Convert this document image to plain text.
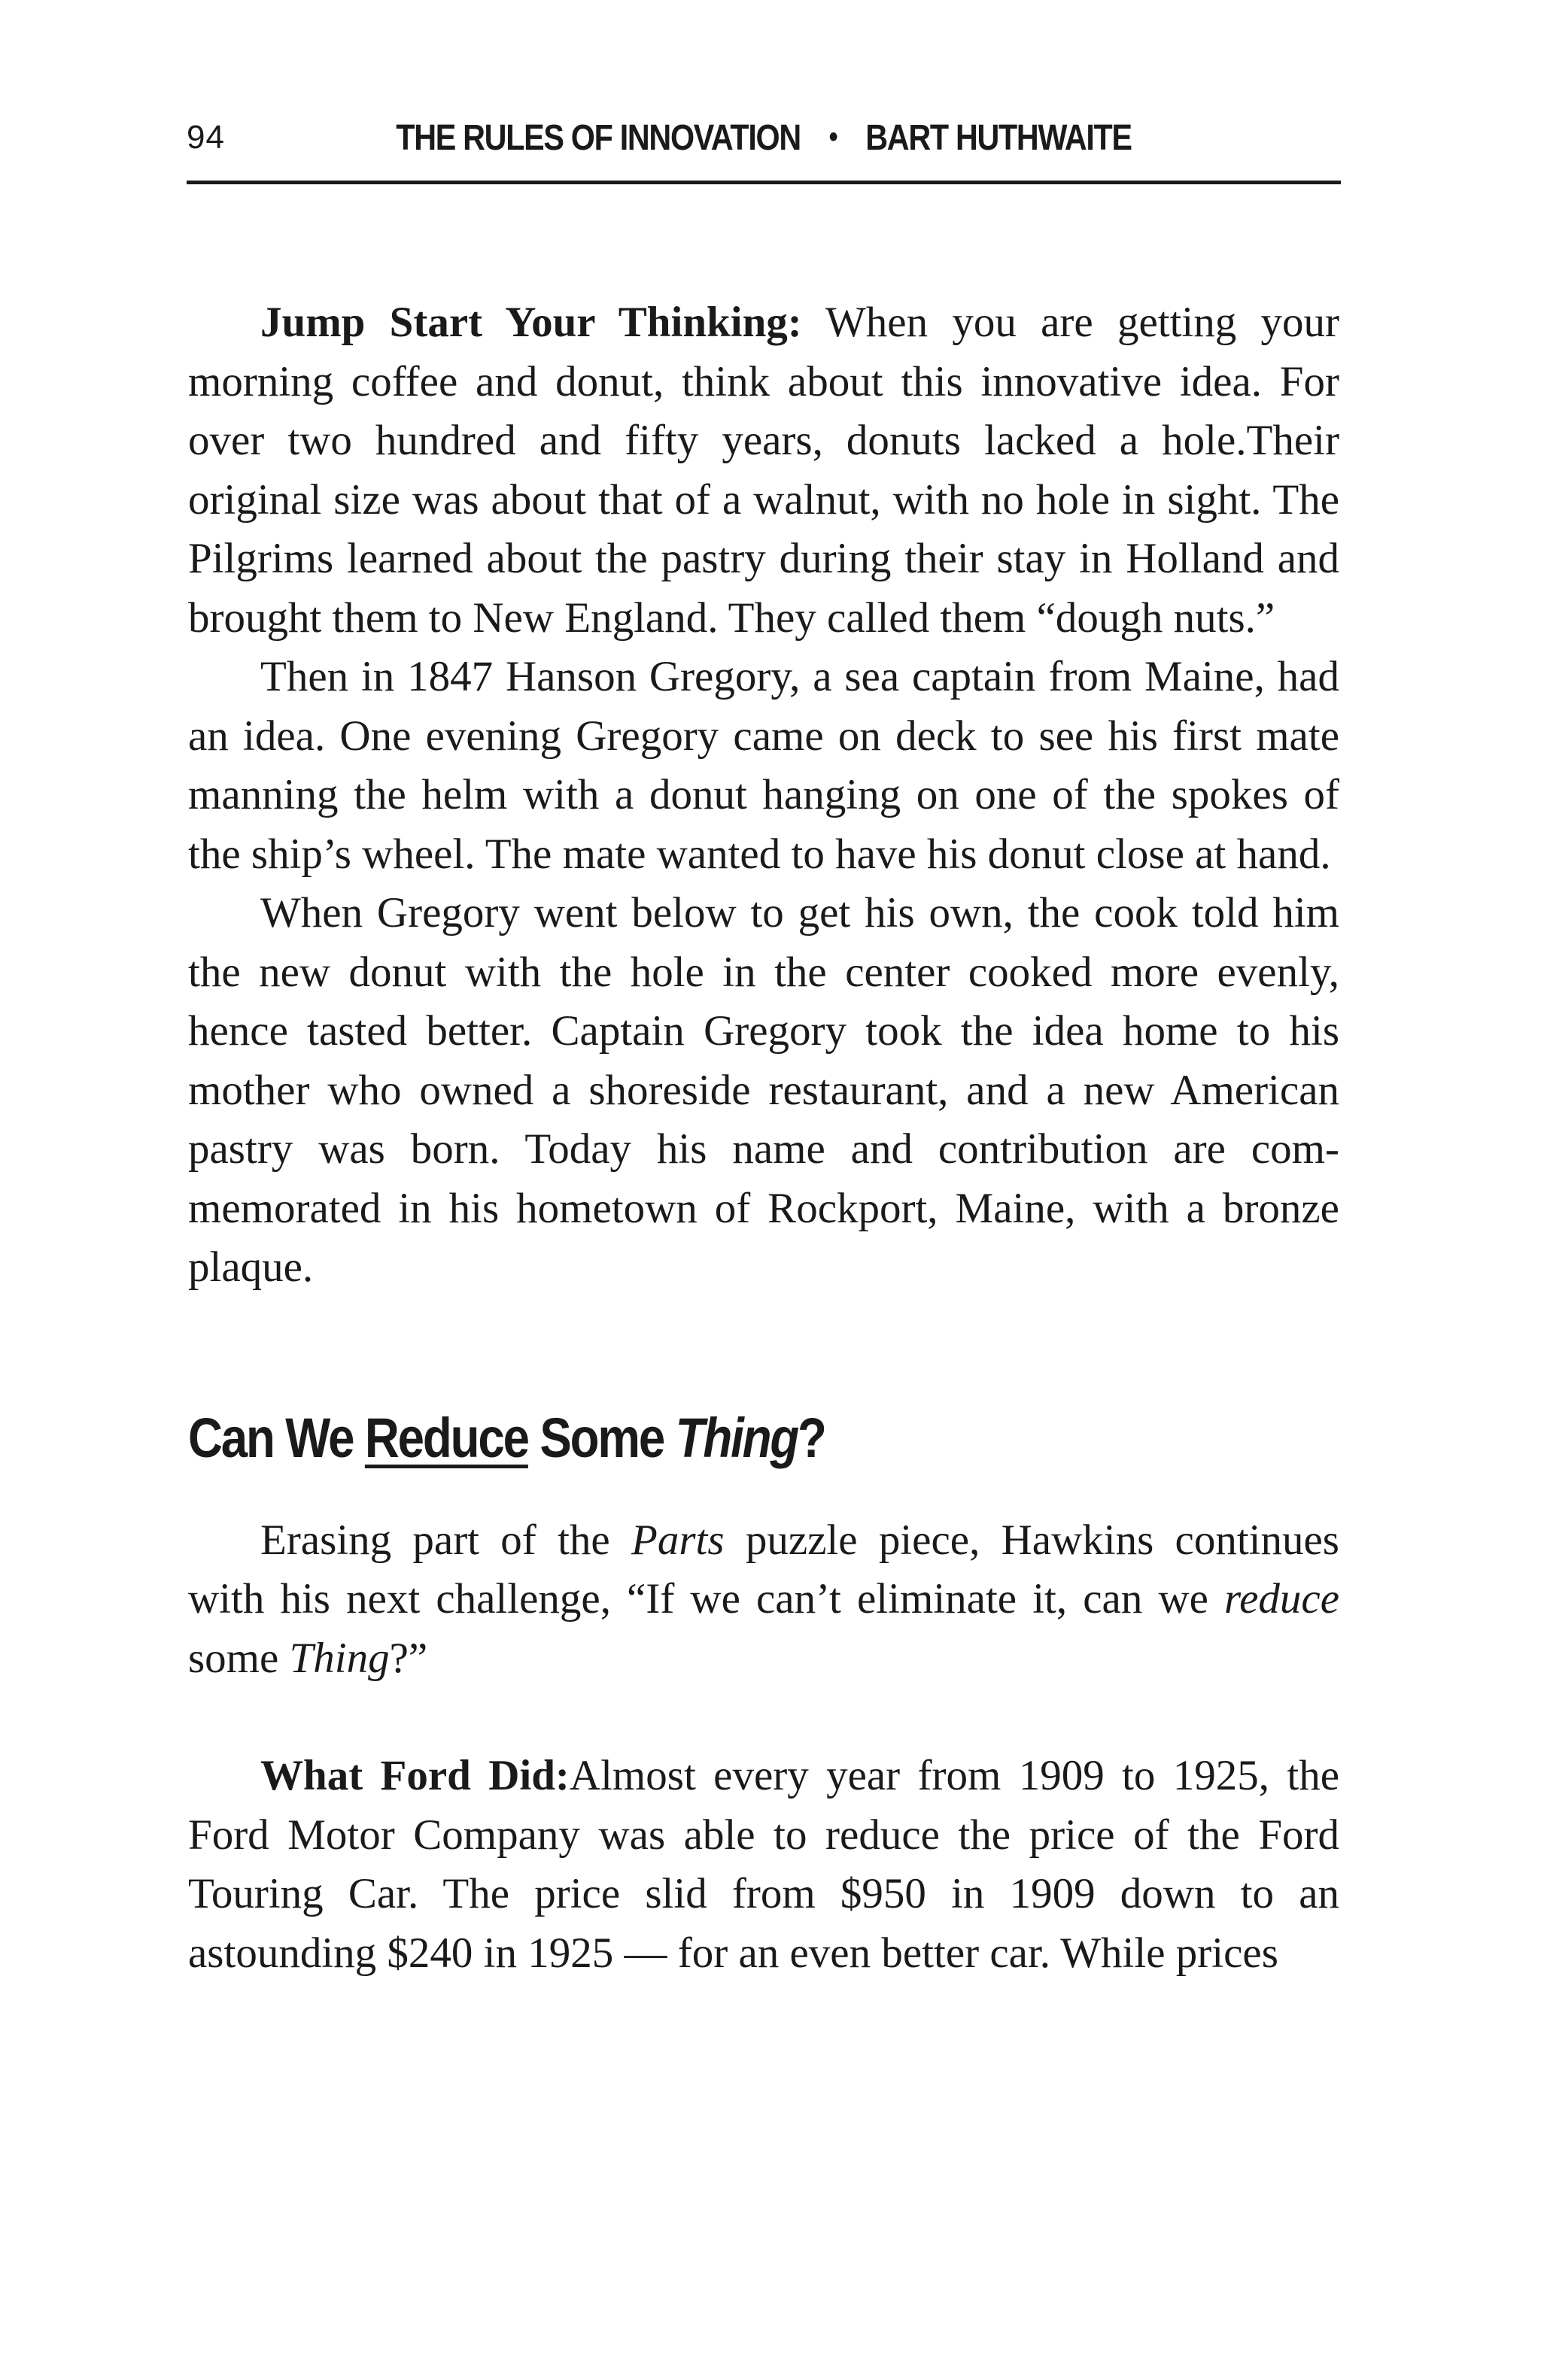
94	THE RULES OF INNOVATION • BART HUTHWAITE

Jump Start Your Thinking: When you are getting your morning coffee and donut, think about this innovative idea. For over two hundred and fifty years, donuts lacked a hole.Their original size was about that of a walnut, with no hole in sight. The Pilgrims learned about the pastry during their stay in Holland and brought them to New England. They called them “dough nuts.”

Then in 1847 Hanson Gregory, a sea captain from Maine, had an idea. One evening Gregory came on deck to see his first mate manning the helm with a donut hanging on one of the spokes of the ship’s wheel. The mate wanted to have his donut close at hand.

When Gregory went below to get his own, the cook told him the new donut with the hole in the center cooked more evenly, hence tasted better. Captain Gregory took the idea home to his mother who owned a shoreside restaurant, and a new American pastry was born. Today his name and contribution are commemorated in his hometown of Rockport, Maine, with a bronze plaque.

Can We Reduce Some Thing?

Erasing part of the Parts puzzle piece, Hawkins continues with his next challenge, “If we can’t eliminate it, can we reduce some Thing?”

What Ford Did:Almost every year from 1909 to 1925, the Ford Motor Company was able to reduce the price of the Ford Touring Car. The price slid from $950 in 1909 down to an astounding $240 in 1925 — for an even better car. While prices
